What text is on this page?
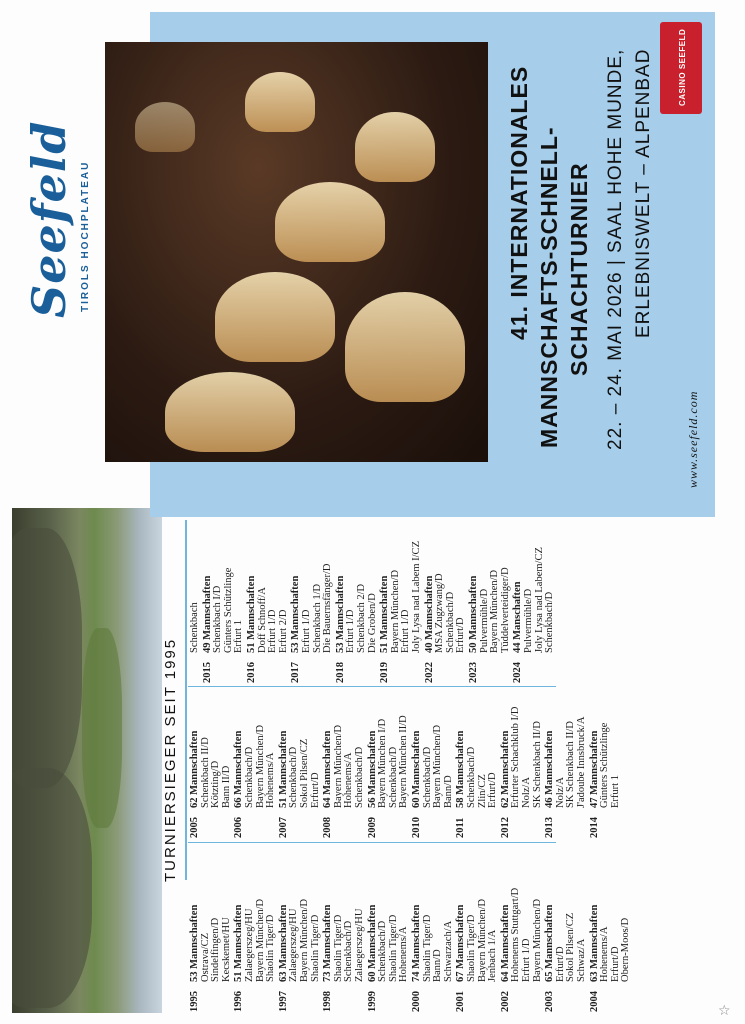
Seefeld TIROLS HOCHPLATEAU
CASINO SEEFELD
41. INTERNATIONALES MANNSCHAFTS-SCHNELL- SCHACHTURNIER 22. – 24. MAI 2026 | SAAL HOHE MUNDE, ERLEBNISWELT – ALPENBAD
www.seefeld.com
TURNIERSIEGER SEIT 1995
1995
53 Mannschaften Ostrava/CZ Sindelfingen/D Kecskemet/HU
1996
51 Mannschaften Zalaegerszeg/HU Bayern München/D Shaolin Tiger/D
1997
63 Mannschaften Zalaegerszeg/HU Bayern München/D Shaolin Tiger/D
1998
73 Mannschaften Shaolin Tiger/D Schenkbach/D Zalaegerszeg/HU
1999
60 Mannschaften Schenkbach/D Shaolin Tiger/D Hohenems/A
2000
74 Mannschaften Shaolin Tiger/D Bann/D Schwarzach/A
2001
67 Mannschaften Shaolin Tiger/D Bayern München/D Jenbach 1/A
2002
64 Mannschaften Hohenems Stuttgart/D Erfurt 1/D Bayern München/D
2003
65 Mannschaften Erfurt/D Sokol Pilsen/CZ Schwaz/A
2004
63 Mannschaften Hohenems/A Erfurt/D Obern-Moos/D
2005
62 Mannschaften Schenkbach II/D Kötzting/D Bann II/D
2006
66 Mannschaften Schenkbach/D Bayern München/D Hohenems/A
2007
51 Mannschaften Schenkbach/D Sokol Pilsen/CZ Erfurt/D
2008
64 Mannschaften Bayern München/D Hohenems/A Schenkbach/D
2009
56 Mannschaften Bayern München I/D Schenkbach/D Bayern München II/D
2010
60 Mannschaften Schenkbach/D Bayern München/D Bann/D
2011
58 Mannschaften Schenkbach/D Zlin/CZ Erfurt/D
2012
62 Mannschaften Erfurter Schachklub I/D Nolz/A SK Schenkbach II/D
2013
46 Mannschaften Nolz/A SK Schenkbach II/D J'adoube Innsbruck/A
2014
47 Mannschaften Günters Schützlinge Erfurt 1
Schenkbach
2015
49 Mannschaften Schenkbach I/D Günters Schützlinge Erfurt 1
2016
51 Mannschaften Doff Schnoff/A Erfurt 1/D Erfurt 2/D
2017
53 Mannschaften Erfurt 1/D Schenkbach 1/D Die Bauernsfänger/D
2018
53 Mannschaften Erfurt 1/D Schenkbach 2/D Die Groben/D
2019
51 Mannschaften Bayern München/D Erfurt 1/D Joly Lysa nad Labem I/CZ
2022
40 Mannschaften MSA Zugzwang/D Schenkbach/D Erfurt/D
2023
50 Mannschaften Pulvermühle/D Bayern München/D Tüddelverteidiger/D
2024
44 Manschaften Pulvermühle/D Joly Lysa nad Labem/CZ Schenkbach/D
☆
